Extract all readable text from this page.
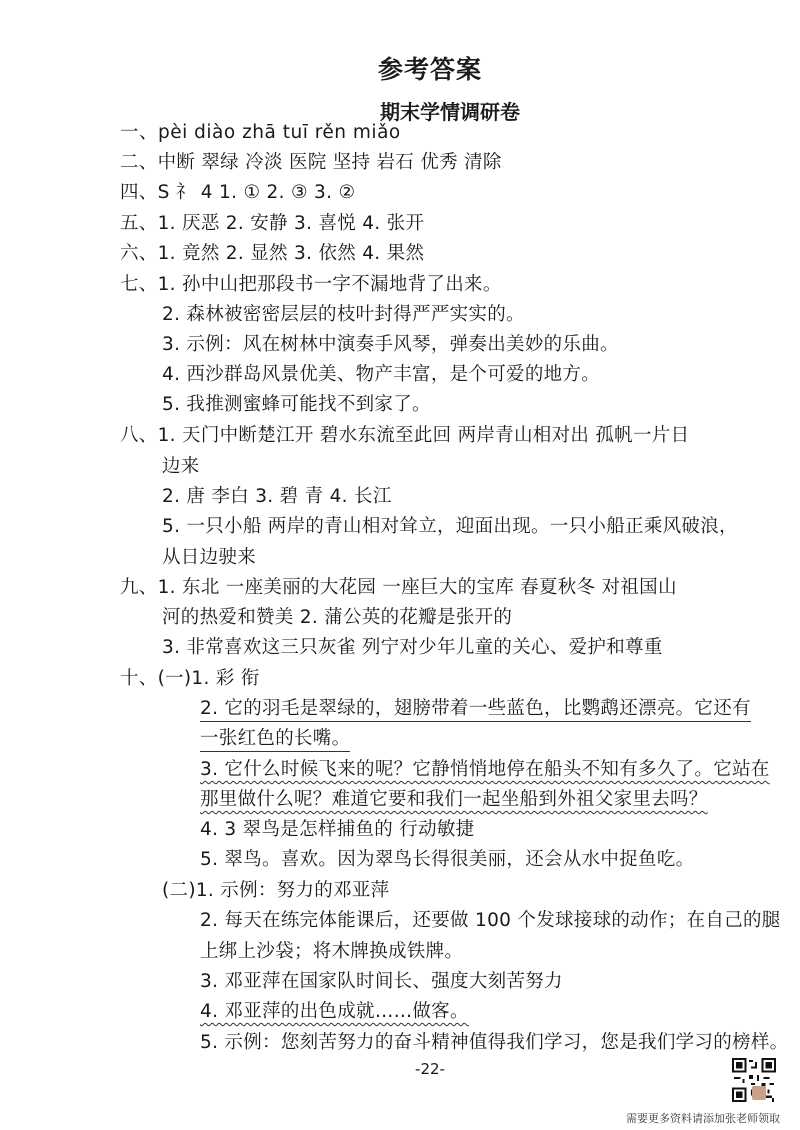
参考答案
期末学情调研卷
一、pèi diào zhā tuī rěn miǎo
二、中断 翠绿 冷淡 医院 坚持 岩石 优秀 清除
四、S 礻 4 1. ① 2. ③ 3. ②
五、1. 厌恶 2. 安静 3. 喜悦 4. 张开
六、1. 竟然 2. 显然 3. 依然 4. 果然
七、1. 孙中山把那段书一字不漏地背了出来。
2. 森林被密密层层的枝叶封得严严实实的。
3. 示例：风在树林中演奏手风琴，弹奏出美妙的乐曲。
4. 西沙群岛风景优美、物产丰富，是个可爱的地方。
5. 我推测蜜蜂可能找不到家了。
八、1. 天门中断楚江开 碧水东流至此回 两岸青山相对出 孤帆一片日
边来
2. 唐 李白 3. 碧 青 4. 长江
5. 一只小船 两岸的青山相对耸立，迎面出现。一只小船正乘风破浪，
从日边驶来
九、1. 东北 一座美丽的大花园 一座巨大的宝库 春夏秋冬 对祖国山
河的热爱和赞美 2. 蒲公英的花瓣是张开的
3. 非常喜欢这三只灰雀 列宁对少年儿童的关心、爱护和尊重
十、(一)1. 彩 衔
2. 它的羽毛是翠绿的，翅膀带着一些蓝色，比鹦鹉还漂亮。它还有
一张红色的长嘴。
3. 它什么时候飞来的呢？它静悄悄地停在船头不知有多久了。它站在
那里做什么呢？难道它要和我们一起坐船到外祖父家里去吗？
4. 3 翠鸟是怎样捕鱼的 行动敏捷
5. 翠鸟。喜欢。因为翠鸟长得很美丽，还会从水中捉鱼吃。
(二)1. 示例：努力的邓亚萍
2. 每天在练完体能课后，还要做 100 个发球接球的动作；在自己的腿
上绑上沙袋；将木牌换成铁牌。
3. 邓亚萍在国家队时间长、强度大刻苦努力
4. 邓亚萍的出色成就……做客。
5. 示例：您刻苦努力的奋斗精神值得我们学习，您是我们学习的榜样。
-22-
需要更多资料请添加张老师领取
